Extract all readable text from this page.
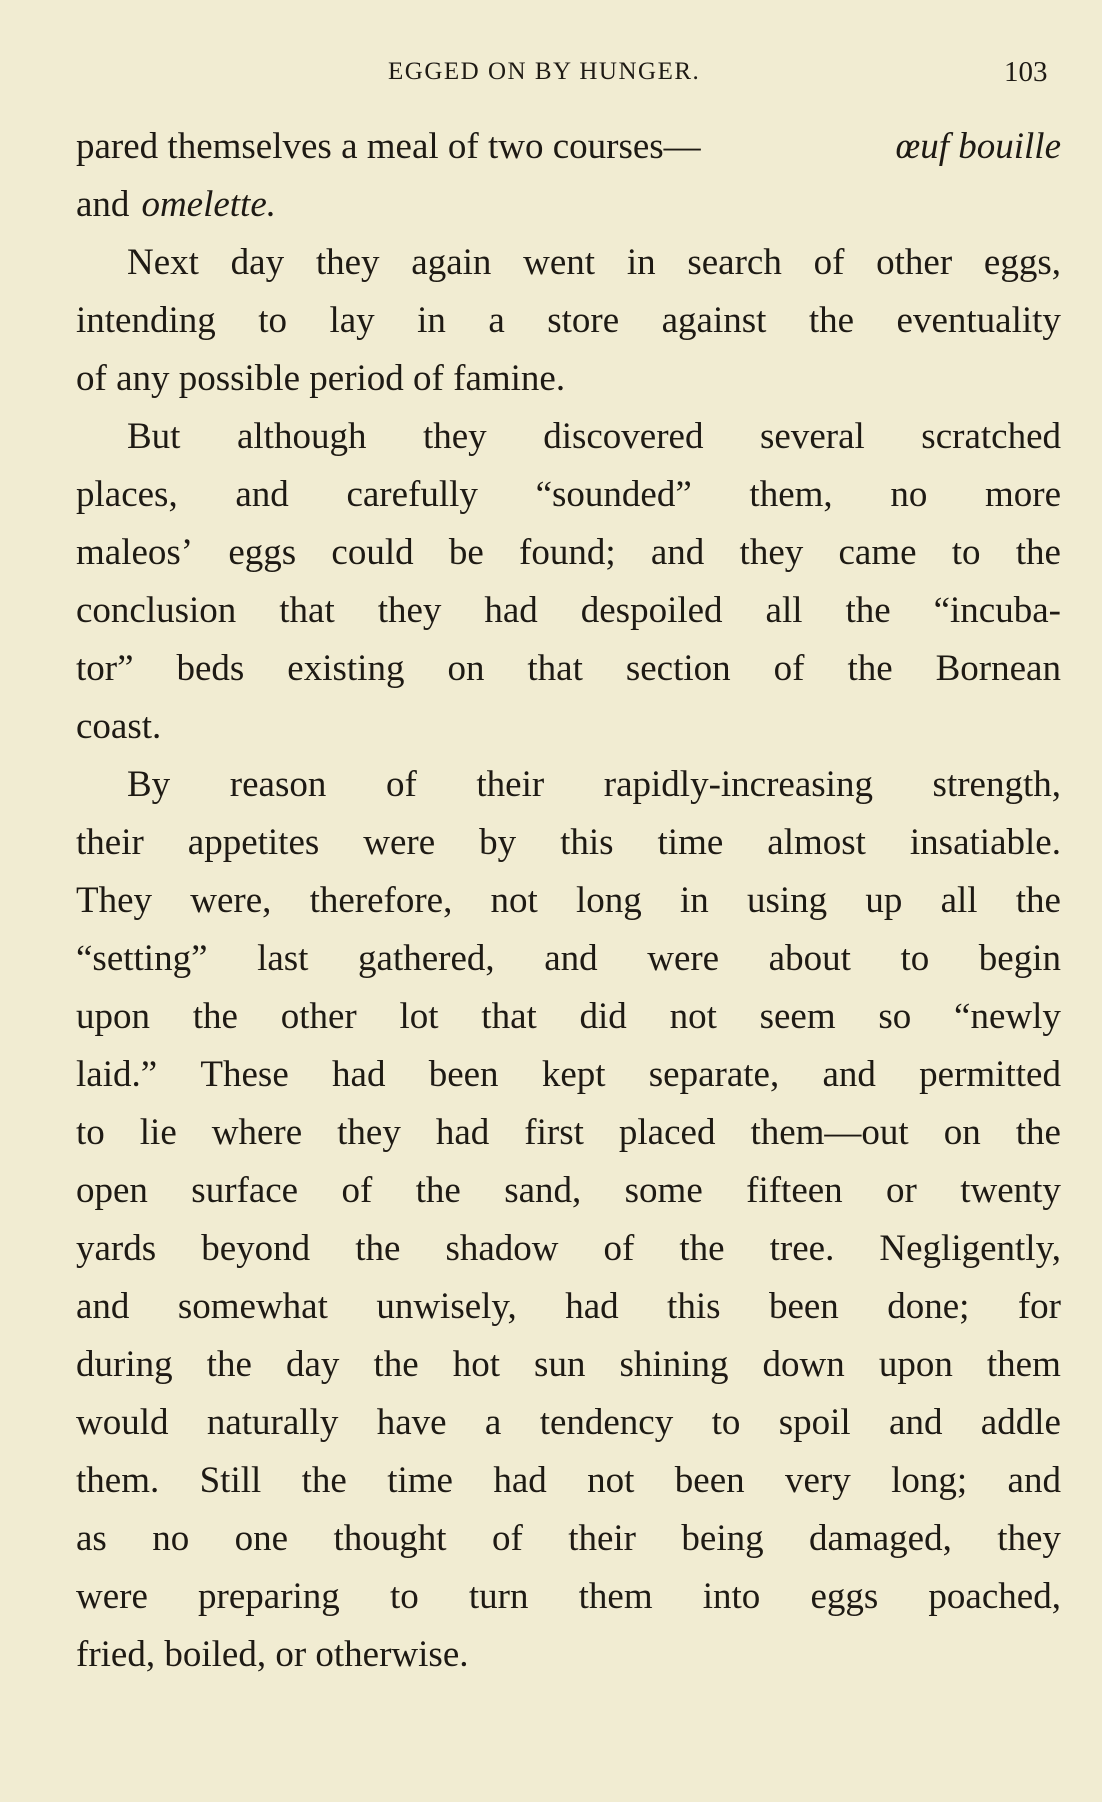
EGGED ON BY HUNGER.	103
pared themselves a meal of two courses—	œuf bouille
and omelette.
Next day they again went in search of other eggs,
intending to lay in a store against the eventuality
of any possible period of famine.
But although they discovered several scratched
places, and carefully “sounded” them, no more
maleos’ eggs could be found; and they came to the
conclusion that they had despoiled all the “incuba-
tor” beds existing on that section of the Bornean
coast.
By reason of their rapidly-increasing strength,
their appetites were by this time almost insatiable.
They were, therefore, not long in using up all the
“setting” last gathered, and were about to begin
upon the other lot that did not seem so “newly
laid.” These had been kept separate, and permitted
to lie where they had first placed them—out on the
open surface of the sand, some fifteen or twenty
yards beyond the shadow of the tree. Negligently,
and somewhat unwisely, had this been done; for
during the day the hot sun shining down upon them
would naturally have a tendency to spoil and addle
them. Still the time had not been very long; and
as no one thought of their being damaged, they
were preparing to turn them into eggs poached,
fried, boiled, or otherwise.
